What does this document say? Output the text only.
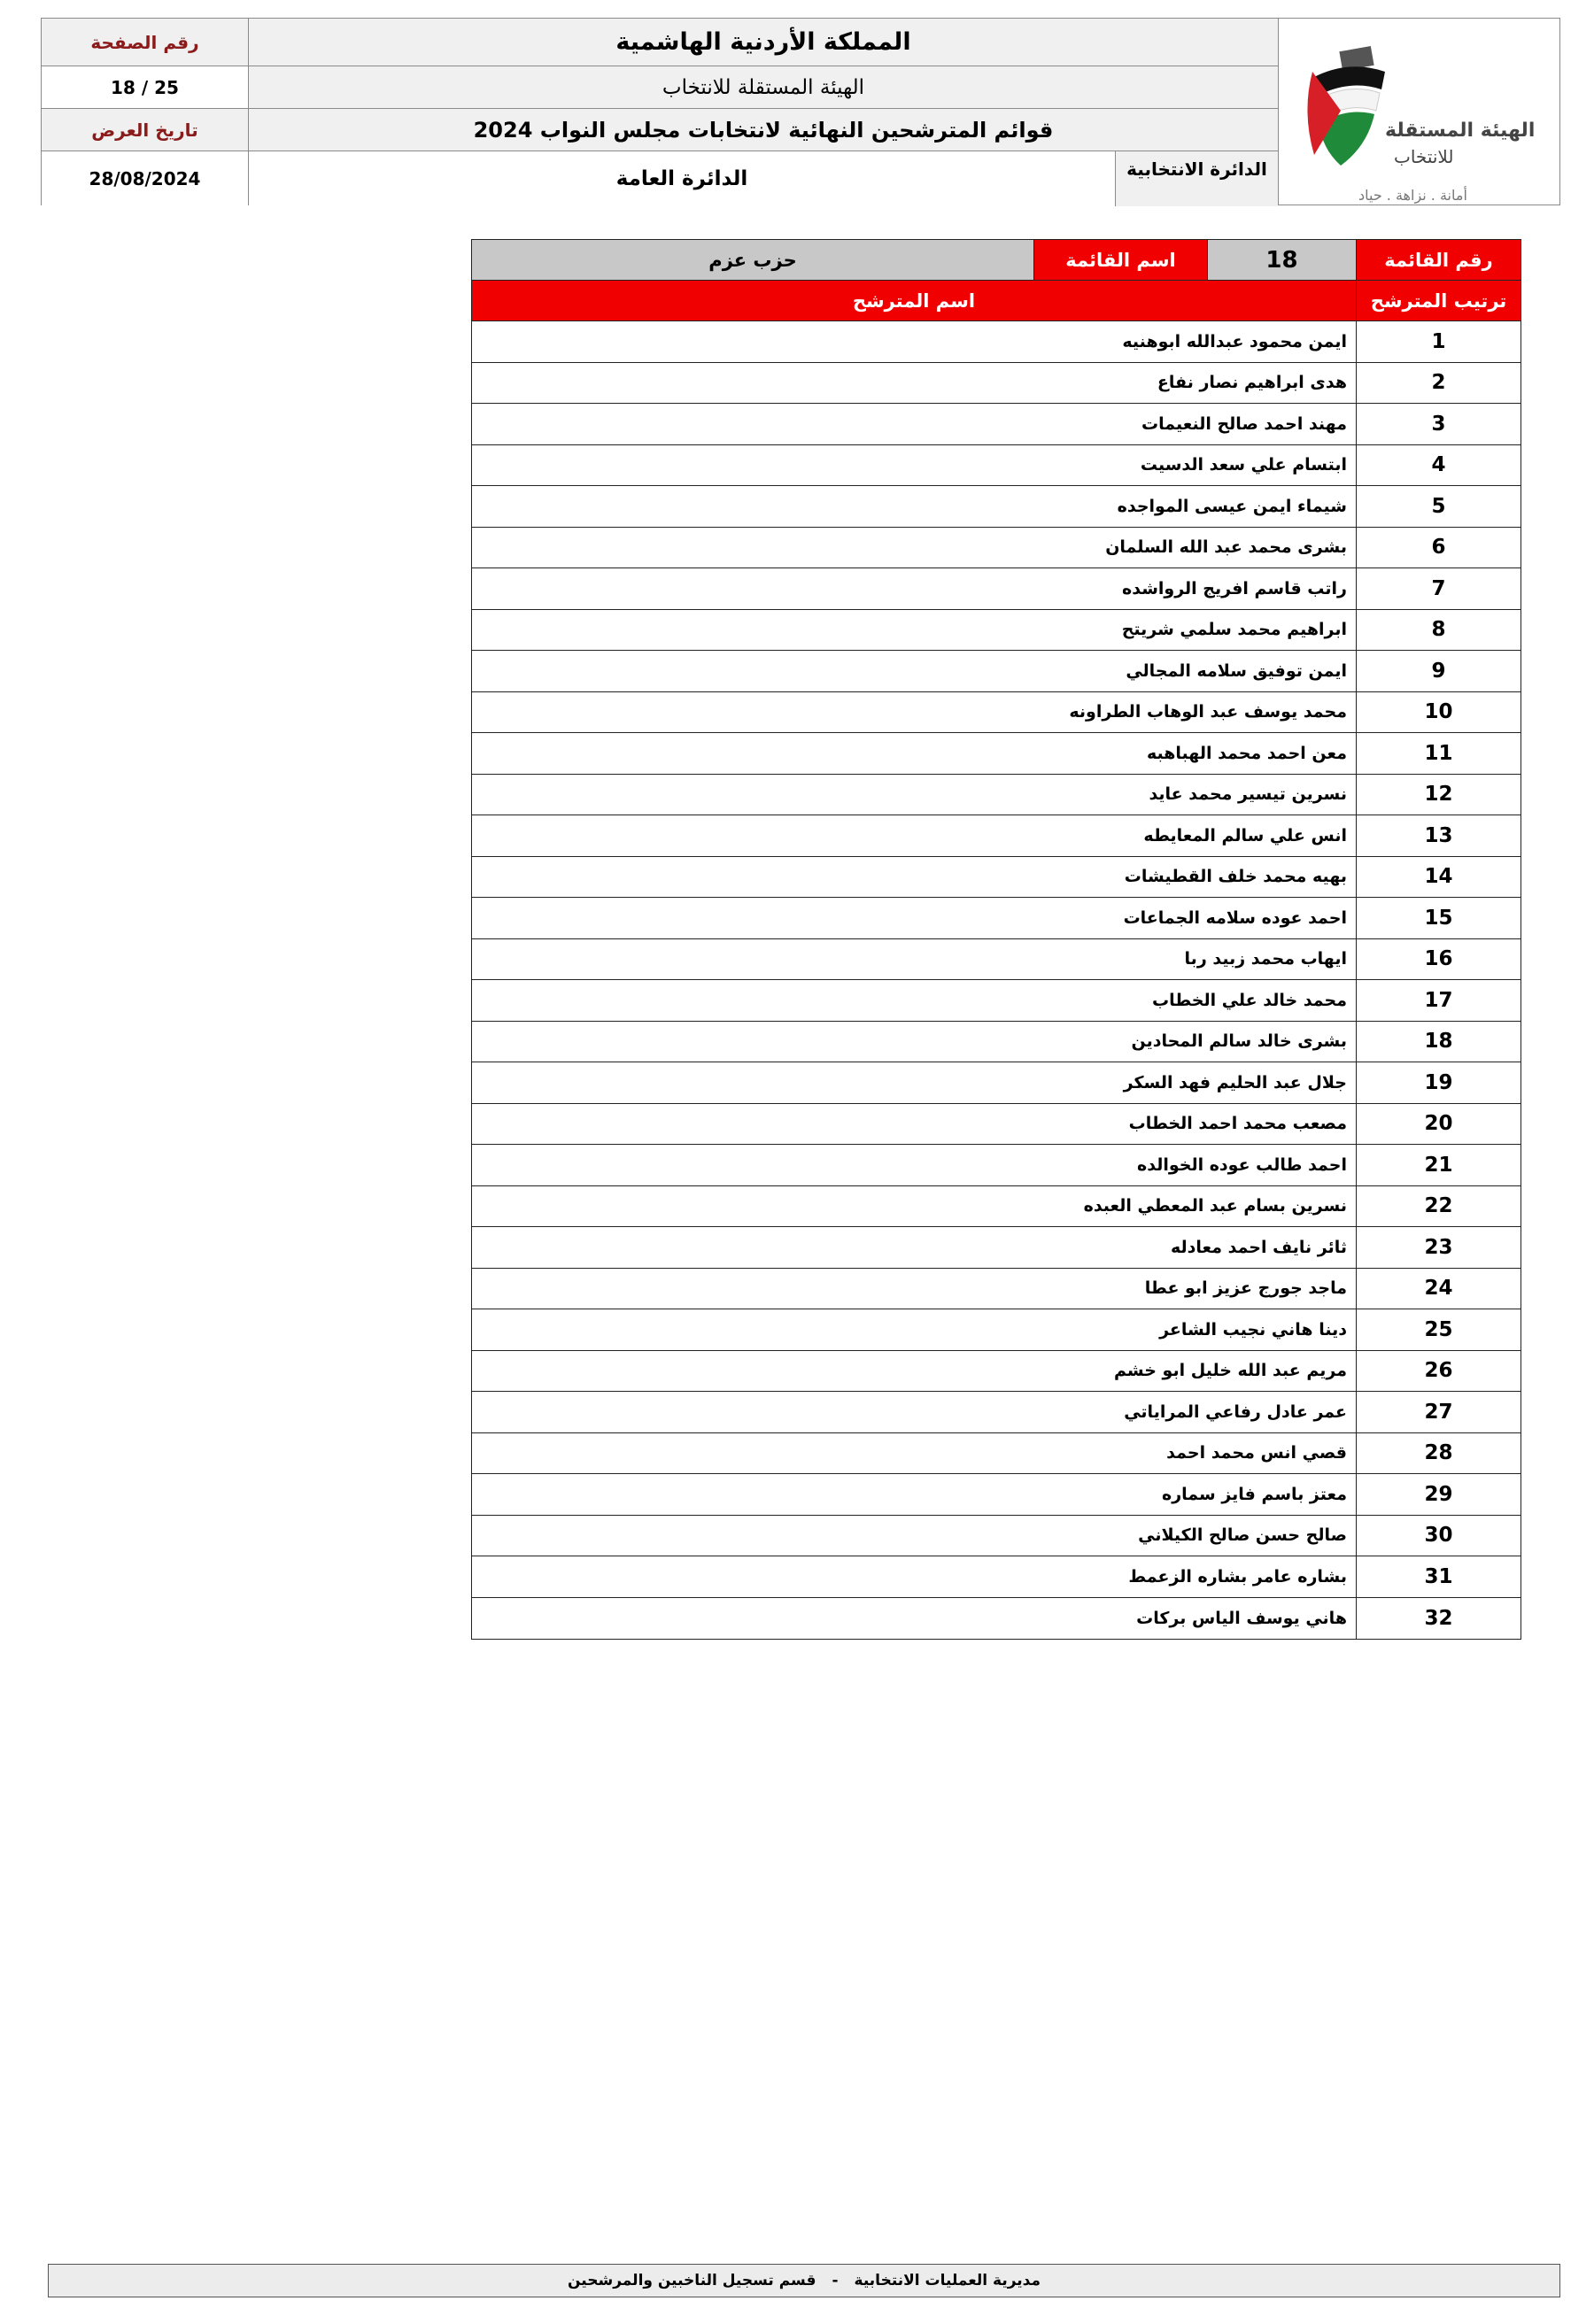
رقم الصفحة
18 / 25
تاريخ العرض
28/08/2024
المملكة الأردنية الهاشمية
الهيئة المستقلة للانتخاب
قوائم المترشحين النهائية لانتخابات مجلس النواب 2024
الدائرة الانتخابية
الدائرة العامة
الهيئة المستقلة
للانتخاب
أمانة . نزاهة . حياد
رقم القائمة
18
اسم القائمة
حزب عزم
ترتيب المترشح
اسم المترشح
1
ايمن محمود عبدالله ابوهنيه
2
هدى ابراهيم نصار نفاع
3
مهند احمد صالح النعيمات
4
ابتسام علي سعد الدسيت
5
شيماء ايمن عيسى المواجده
6
بشرى محمد عبد الله السلمان
7
راتب قاسم افريج الرواشده
8
ابراهيم محمد سلمي شريتح
9
ايمن توفيق سلامه المجالي
10
محمد يوسف عبد الوهاب الطراونه
11
معن احمد محمد الهباهبه
12
نسرين تيسير محمد عايد
13
انس علي سالم المعايطه
14
بهيه محمد خلف القطيشات
15
احمد عوده سلامه الجماعات
16
ايهاب محمد زبيد ربا
17
محمد خالد علي الخطاب
18
بشرى خالد سالم المحادين
19
جلال عبد الحليم فهد السكر
20
مصعب محمد احمد الخطاب
21
احمد طالب عوده الخوالده
22
نسرين بسام عبد المعطي العبده
23
ثائر نايف احمد معادله
24
ماجد جورج عزيز ابو عطا
25
دينا هاني نجيب الشاعر
26
مريم عبد الله خليل ابو خشم
27
عمر عادل رفاعي المراياتي
28
قصي انس محمد احمد
29
معتز باسم فايز سماره
30
صالح حسن صالح الكيلاني
31
بشاره عامر بشاره الزعمط
32
هاني يوسف الياس بركات
مديرية العمليات الانتخابية
-
قسم تسجيل الناخبين والمرشحين
